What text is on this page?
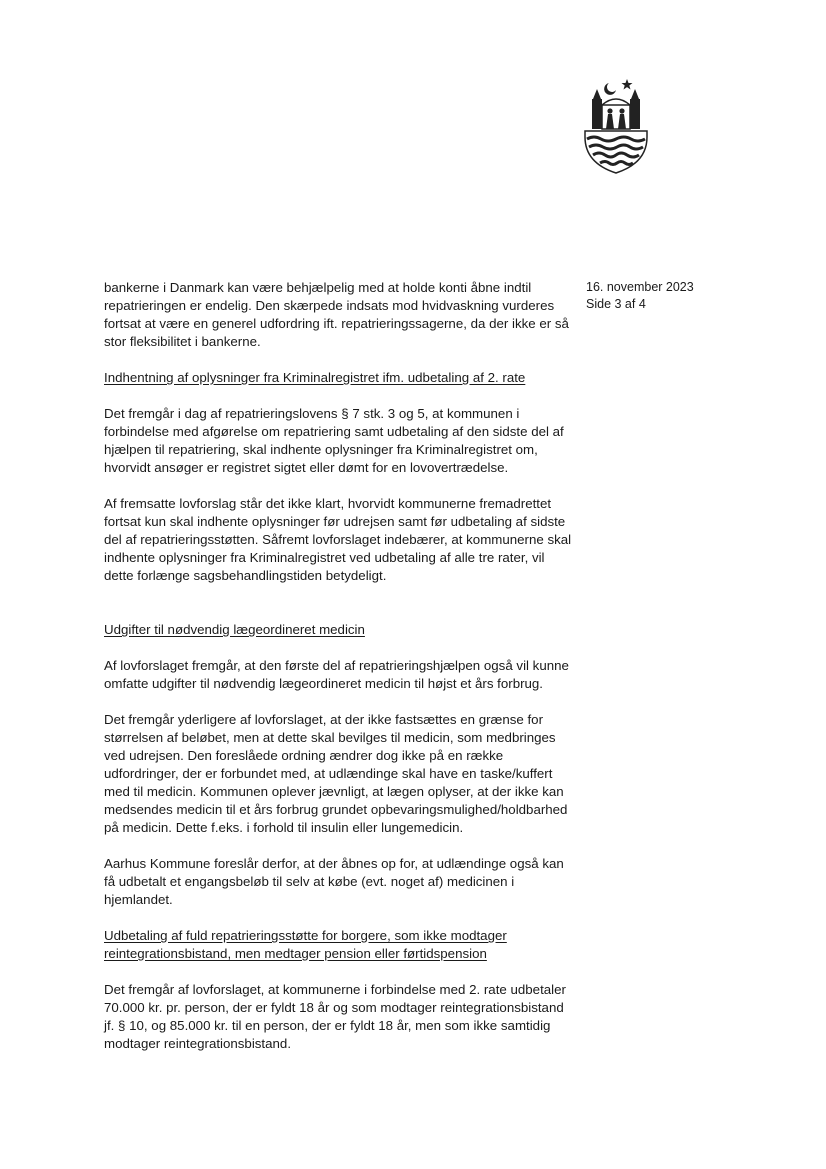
16. november 2023
Side 3 af 4

bankerne i Danmark kan være behjælpelig med at holde konti åbne indtil repatrieringen er endelig. Den skærpede indsats mod hvidvaskning vurderes fortsat at være en generel udfordring ift. repatrieringssagerne, da der ikke er så stor fleksibilitet i bankerne.

Indhentning af oplysninger fra Kriminalregistret ifm. udbetaling af 2. rate

Det fremgår i dag af repatrieringslovens § 7 stk. 3 og 5, at kommunen i forbindelse med afgørelse om repatriering samt udbetaling af den sidste del af hjælpen til repatriering, skal indhente oplysninger fra Kriminalregistret om, hvorvidt ansøger er registret sigtet eller dømt for en lovovertrædelse.

Af fremsatte lovforslag står det ikke klart, hvorvidt kommunerne fremadrettet fortsat kun skal indhente oplysninger før udrejsen samt før udbetaling af sidste del af repatrieringsstøtten. Såfremt lovforslaget indebærer, at kommunerne skal indhente oplysninger fra Kriminalregistret ved udbetaling af alle tre rater, vil dette forlænge sagsbehandlingstiden betydeligt.

Udgifter til nødvendig lægeordineret medicin

Af lovforslaget fremgår, at den første del af repatrieringshjælpen også vil kunne omfatte udgifter til nødvendig lægeordineret medicin til højst et års forbrug.

Det fremgår yderligere af lovforslaget, at der ikke fastsættes en grænse for størrelsen af beløbet, men at dette skal bevilges til medicin, som medbringes ved udrejsen. Den foreslåede ordning ændrer dog ikke på en række udfordringer, der er forbundet med, at udlændinge skal have en taske/kuffert med til medicin. Kommunen oplever jævnligt, at lægen oplyser, at der ikke kan medsendes medicin til et års forbrug grundet opbevaringsmulighed/holdbarhed på medicin. Dette f.eks. i forhold til insulin eller lungemedicin.

Aarhus Kommune foreslår derfor, at der åbnes op for, at udlændinge også kan få udbetalt et engangsbeløb til selv at købe (evt. noget af) medicinen i hjemlandet.

Udbetaling af fuld repatrieringsstøtte for borgere, som ikke modtager reintegrationsbistand, men medtager pension eller førtidspension

Det fremgår af lovforslaget, at kommunerne i forbindelse med 2. rate udbetaler 70.000 kr. pr. person, der er fyldt 18 år og som modtager reintegrationsbistand jf. § 10, og 85.000 kr. til en person, der er fyldt 18 år, men som ikke samtidig modtager reintegrationsbistand.
